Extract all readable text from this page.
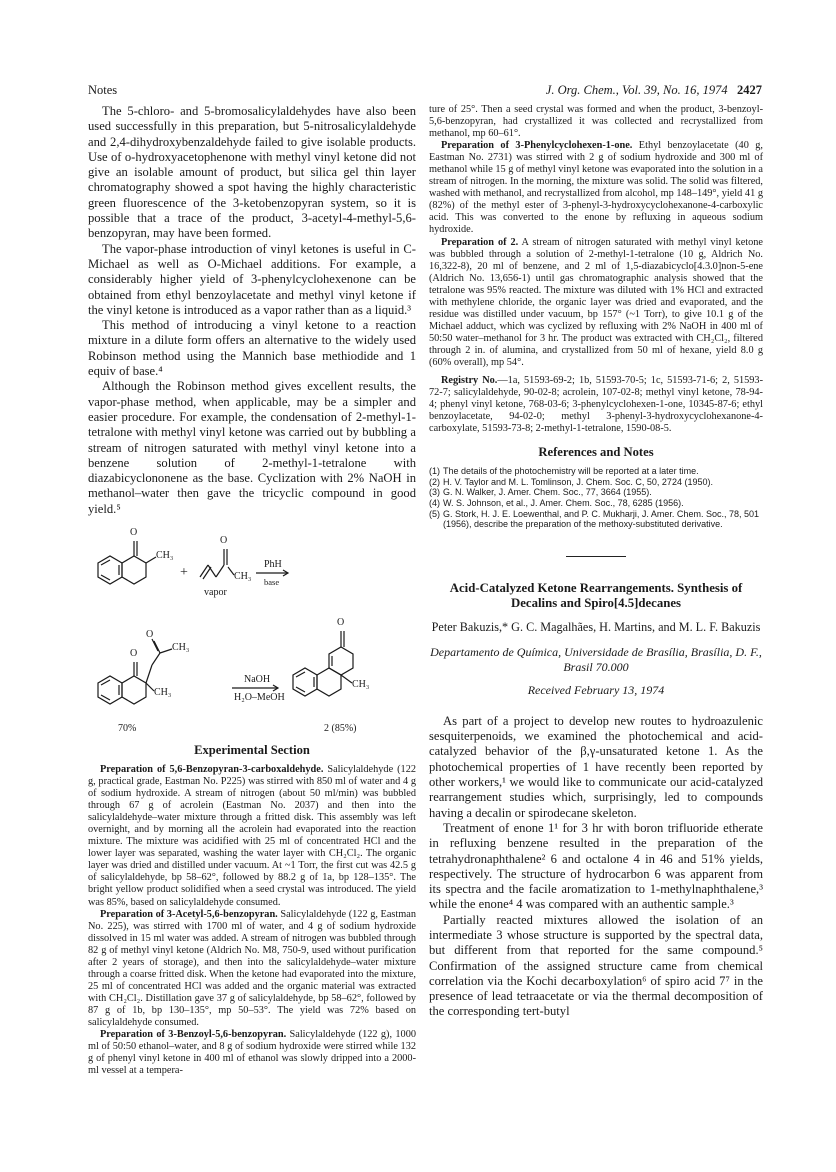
Notes	J. Org. Chem., Vol. 39, No. 16, 1974 2427

The 5-chloro- and 5-bromosalicylaldehydes have also been used successfully in this preparation, but 5-nitrosalicylaldehyde and 2,4-dihydroxybenzaldehyde failed to give isolable products. Use of o-hydroxyacetophenone with methyl vinyl ketone did not give an isolable amount of product, but silica gel thin layer chromatography showed a spot having the highly characteristic green fluorescence of the 3-ketobenzopyran system, so it is possible that a trace of the product, 3-acetyl-4-methyl-5,6-benzopyran, may have been formed.

The vapor-phase introduction of vinyl ketones is useful in C-Michael as well as O-Michael additions. For example, a considerably higher yield of 3-phenylcyclohexenone can be obtained from ethyl benzoylacetate and methyl vinyl ketone if the vinyl ketone is introduced as a vapor rather than as a liquid.³

This method of introducing a vinyl ketone to a reaction mixture in a dilute form offers an alternative to the widely used Robinson method using the Mannich base methiodide and 1 equiv of base.⁴

Although the Robinson method gives excellent results, the vapor-phase method, when applicable, may be a simpler and easier procedure. For example, the condensation of 2-methyl-1-tetralone with methyl vinyl ketone was carried out by bubbling a stream of nitrogen saturated with methyl vinyl ketone into a benzene solution of 2-methyl-1-tetralone with diazabicyclononene as the base. Cyclization with 2% NaOH in methanol–water then gave the tricyclic compound in good yield.⁵

O
CH₃
+
O
CH₃
PhH
base
vapor
O
CH₃
O
CH₃
NaOH
H₂O–MeOH
O
CH₃
70%	2 (85%)
Experimental Section

Preparation of 5,6-Benzopyran-3-carboxaldehyde. Salicylaldehyde (122 g, practical grade, Eastman No. P225) was stirred with 850 ml of water and 4 g of sodium hydroxide. A stream of nitrogen (about 50 ml/min) was bubbled through 67 g of acrolein (Eastman No. 2037) and then into the salicylaldehyde–water mixture through a fritted disk. This assembly was left overnight, and by morning all the acrolein had evaporated into the reaction mixture. The mixture was acidified with 25 ml of concentrated HCl and the lower layer was separated, washing the water layer with CH₂Cl₂. The organic layer was dried and distilled under vacuum. At ~1 Torr, the first cut was 42.5 g of salicylaldehyde, bp 58–62°, followed by 88.2 g of 1a, bp 128–135°. The bright yellow product solidified when a seed crystal was introduced. The yield was 85%, based on salicylaldehyde consumed.

Preparation of 3-Acetyl-5,6-benzopyran. Salicylaldehyde (122 g, Eastman No. 225), was stirred with 1700 ml of water, and 4 g of sodium hydroxide dissolved in 15 ml water was added. A stream of nitrogen was bubbled through 82 g of methyl vinyl ketone (Aldrich No. M8, 750-9, used without purification after 2 years of storage), and then into the salicylaldehyde–water mixture through a coarse fritted disk. When the ketone had evaporated into the mixture, 25 ml of concentrated HCl was added and the organic material was extracted with CH₂Cl₂. Distillation gave 37 g of salicylaldehyde, bp 58–62°, followed by 87 g of 1b, bp 130–135°, mp 50–53°. The yield was 72% based on salicylaldehyde consumed.

Preparation of 3-Benzoyl-5,6-benzopyran. Salicylaldehyde (122 g), 1000 ml of 50:50 ethanol–water, and 8 g of sodium hydroxide were stirred while 132 g of phenyl vinyl ketone in 400 ml of ethanol was slowly dripped into a 2000-ml vessel at a tempera-

ture of 25°. Then a seed crystal was formed and when the product, 3-benzoyl-5,6-benzopyran, had crystallized it was collected and recrystallized from methanol, mp 60–61°.

Preparation of 3-Phenylcyclohexen-1-one. Ethyl benzoylacetate (40 g, Eastman No. 2731) was stirred with 2 g of sodium hydroxide and 300 ml of methanol while 15 g of methyl vinyl ketone was evaporated into the solution in a stream of nitrogen. In the morning, the mixture was solid. The solid was filtered, washed with methanol, and recrystallized from alcohol, mp 148–149°, yield 41 g (82%) of the methyl ester of 3-phenyl-3-hydroxycyclohexanone-4-carboxylic acid. This was converted to the enone by refluxing in aqueous sodium hydroxide.

Preparation of 2. A stream of nitrogen saturated with methyl vinyl ketone was bubbled through a solution of 2-methyl-1-tetralone (10 g, Aldrich No. 16,322-8), 20 ml of benzene, and 2 ml of 1,5-diazabicyclo[4.3.0]non-5-ene (Aldrich No. 13,656-1) until gas chromatographic analysis showed that the tetralone was 95% reacted. The mixture was diluted with 1% HCl and extracted with methylene chloride, the organic layer was dried and evaporated, and the residue was distilled under vacuum, bp 157° (~1 Torr), to give 10.1 g of the Michael adduct, which was cyclized by refluxing with 2% NaOH in 400 ml of 50:50 water–methanol for 3 hr. The product was extracted with CH₂Cl₂, filtered through 2 in. of alumina, and crystallized from 50 ml of hexane, yield 8.0 g (60% overall), mp 54°.

Registry No.—1a, 51593-69-2; 1b, 51593-70-5; 1c, 51593-71-6; 2, 51593-72-7; salicylaldehyde, 90-02-8; acrolein, 107-02-8; methyl vinyl ketone, 78-94-4; phenyl vinyl ketone, 768-03-6; 3-phenylcyclohexen-1-one, 10345-87-6; ethyl benzoylacetate, 94-02-0; methyl 3-phenyl-3-hydroxycyclohexanone-4-carboxylate, 51593-73-8; 2-methyl-1-tetralone, 1590-08-5.

References and Notes
(1) The details of the photochemistry will be reported at a later time.
(2) H. V. Taylor and M. L. Tomlinson, J. Chem. Soc. C, 50, 2724 (1950).
(3) G. N. Walker, J. Amer. Chem. Soc., 77, 3664 (1955).
(4) W. S. Johnson, et al., J. Amer. Chem. Soc., 78, 6285 (1956).
(5) G. Stork, H. J. E. Loewenthal, and P. C. Mukharji, J. Amer. Chem. Soc., 78, 501 (1956), describe the preparation of the methoxy-substituted derivative.
Acid-Catalyzed Ketone Rearrangements. Synthesis of Decalins and Spiro[4.5]decanes
Peter Bakuzis,* G. C. Magalhães, H. Martins, and M. L. F. Bakuzis
Departamento de Química, Universidade de Brasília, Brasília, D. F., Brasil 70.000
Received February 13, 1974

As part of a project to develop new routes to hydroazulenic sesquiterpenoids, we examined the photochemical and acid-catalyzed behavior of the β,γ-unsaturated ketone 1. As the photochemical properties of 1 have recently been reported by other workers,¹ we would like to communicate our acid-catalyzed rearrangement studies which, surprisingly, led to compounds having a decalin or spirodecane skeleton.

Treatment of enone 1¹ for 3 hr with boron trifluoride etherate in refluxing benzene resulted in the preparation of the tetrahydronaphthalene² 6 and octalone 4 in 46 and 51% yields, respectively. The structure of hydrocarbon 6 was apparent from its spectra and the facile aromatization to 1-methylnaphthalene,³ while the enone⁴ 4 was compared with an authentic sample.³

Partially reacted mixtures allowed the isolation of an intermediate 3 whose structure is supported by the spectral data, but different from that reported for the same compound.⁵ Confirmation of the assigned structure came from chemical correlation via the Kochi decarboxylation⁶ of spiro acid 7⁷ in the presence of lead tetraacetate or via the thermal decomposition of the corresponding tert-butyl
